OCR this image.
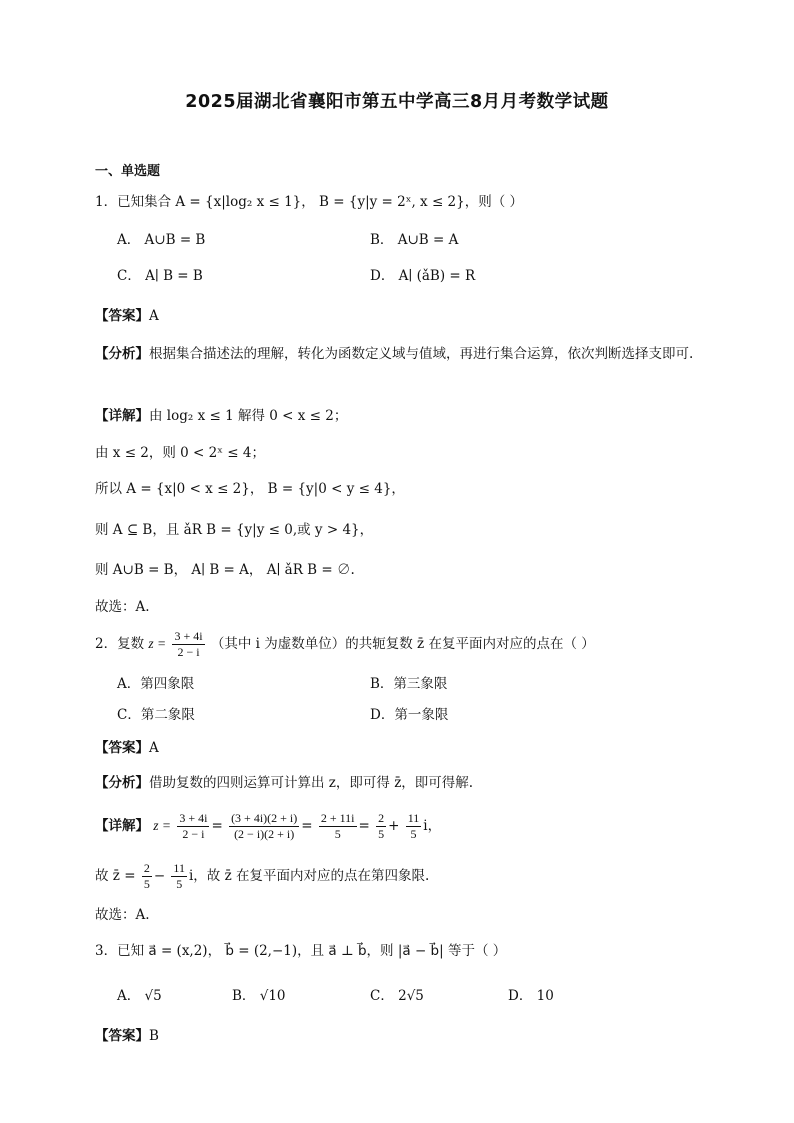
2025届湖北省襄阳市第五中学高三8月月考数学试题
一、单选题
1．已知集合 A = {x|log₂ x ≤ 1}， B = {y|y = 2ˣ, x ≤ 2}，则（ ）
A． A∪B = B	B． A∪B = A
C． A∣ B = B	D． A∣ (ǎB) = R
【答案】A
【分析】根据集合描述法的理解，转化为函数定义域与值域，再进行集合运算，依次判断选择支即可.
【详解】由 log₂ x ≤ 1 解得 0 < x ≤ 2；
由 x ≤ 2，则 0 < 2ˣ ≤ 4；
所以 A = {x|0 < x ≤ 2}， B = {y|0 < y ≤ 4}，
则 A ⊆ B，且 ǎR B = {y|y ≤ 0,或 y > 4}，
则 A∪B = B， A∣ B = A， A∣ ǎR B = ∅.
故选：A.
2．复数 $z = \frac{3 + 4i}{2 - i}$ （其中 i 为虚数单位）的共轭复数 z̄ 在复平面内对应的点在（ ）
A．第四象限	B．第三象限
C．第二象限	D．第一象限
【答案】A
【分析】借助复数的四则运算可计算出 z，即可得 z̄，即可得解.
【详解】 $z = \frac{3 + 4i}{2 - i} = \frac{(3 + 4i)(2 + i)}{(2 - i)(2 + i)} = \frac{2 + 11i}{5} = \frac{2}{5} + \frac{11}{5}$ i，
故 z̄ = $\frac{2}{5} - \frac{11}{5}$ i，故 z̄ 在复平面内对应的点在第四象限.
故选：A.
3．已知 a⃗ = (x,2)， b⃗ = (2,−1)，且 a⃗ ⊥ b⃗，则 |a⃗ − b⃗| 等于（ ）
A． √5	B． √10	C． 2√5	D． 10
【答案】B
